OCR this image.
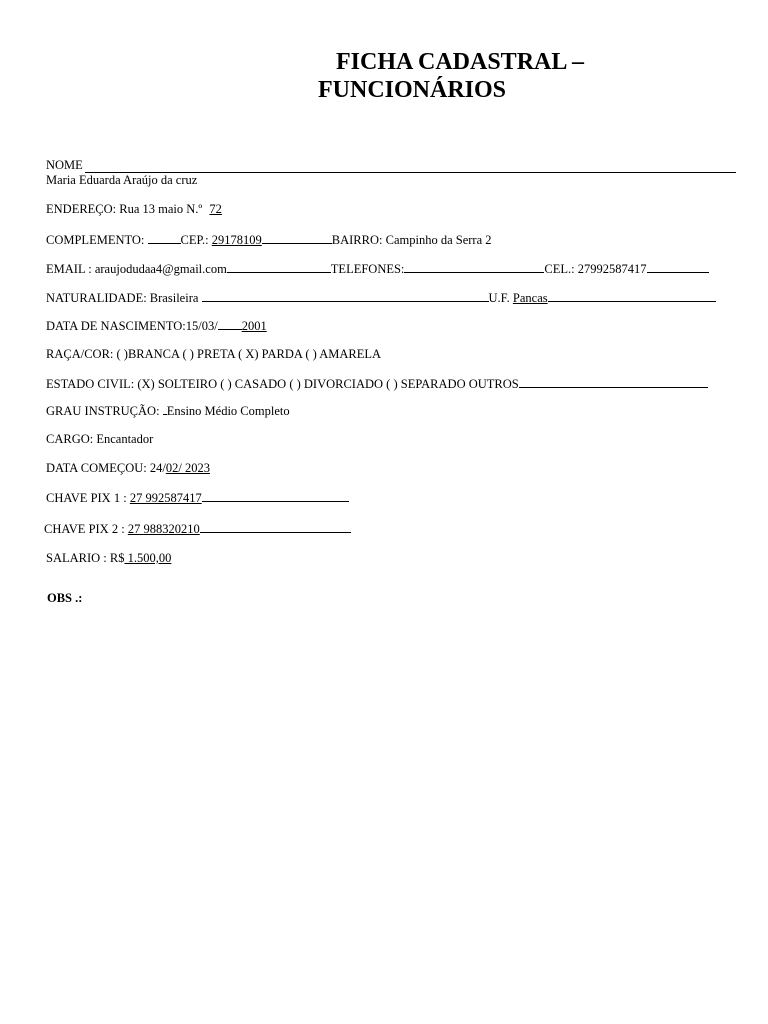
FICHA CADASTRAL –
FUNCIONÁRIOS
NOME
Maria Eduarda Araújo da cruz
ENDEREÇO: Rua 13 maio N.º 72
COMPLEMENTO:	CEP.: 29178109	BAIRRO: Campinho da Serra 2
EMAIL : araujodudaa4@gmail.com	TELEFONES:	CEL.: 27992587417
NATURALIDADE: Brasileira	U.F. Pancas
DATA DE NASCIMENTO:15/03/ 2001
RAÇA/COR: ( )BRANCA ( ) PRETA ( X) PARDA ( ) AMARELA
ESTADO CIVIL: (X) SOLTEIRO ( ) CASADO ( ) DIVORCIADO ( ) SEPARADO OUTROS
GRAU INSTRUÇÃO: Ensino Médio Completo
CARGO: Encantador
DATA COMEÇOU: 24/02/ 2023
CHAVE PIX 1 : 27 992587417
CHAVE PIX 2 : 27 988320210
SALARIO : R$ 1.500,00
OBS .:
